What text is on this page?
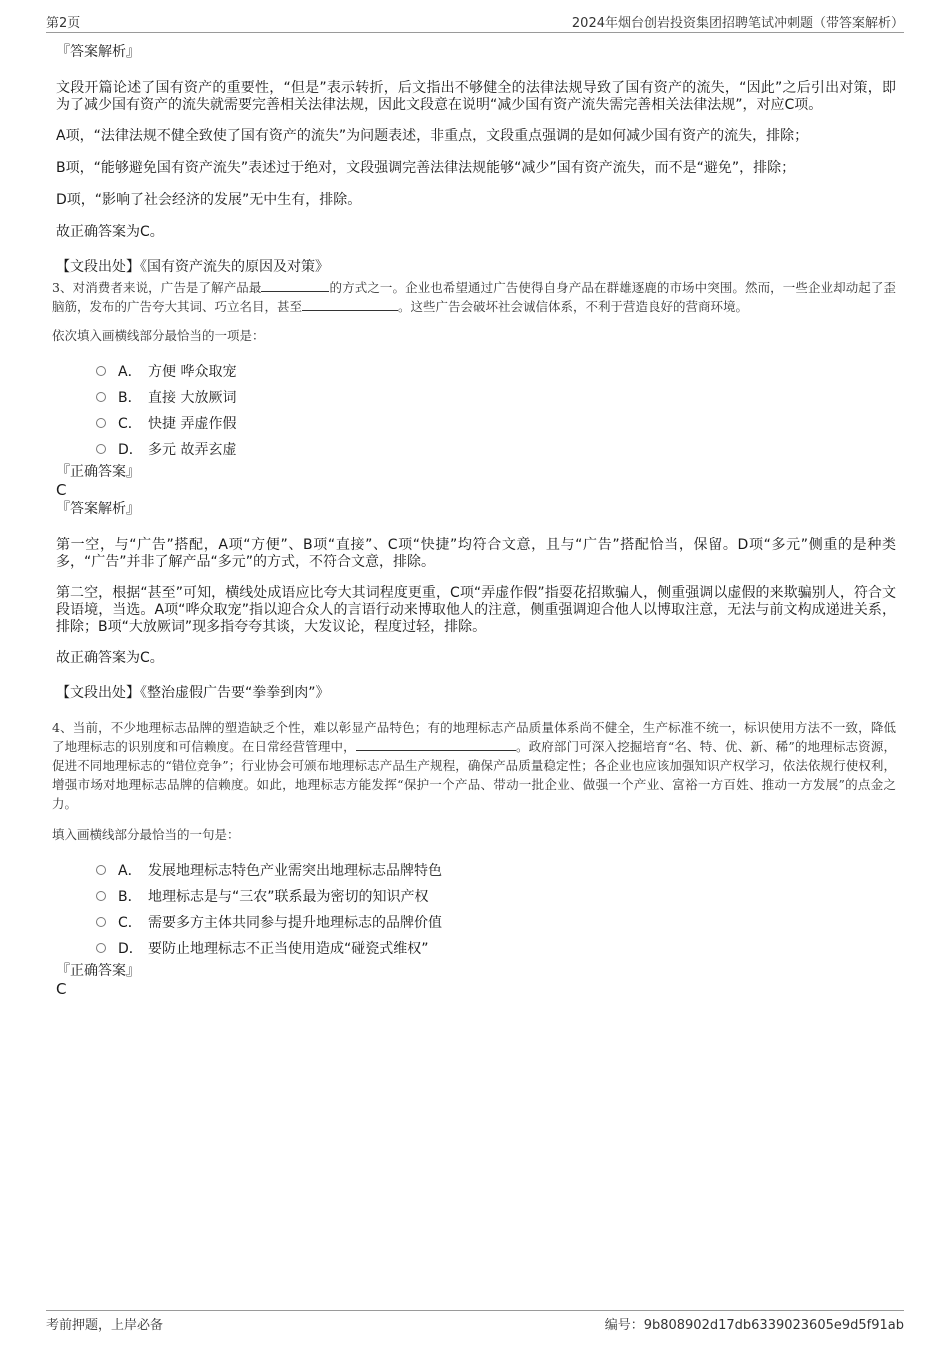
第2页	2024年烟台创岩投资集团招聘笔试冲刺题（带答案解析）

『答案解析』

文段开篇论述了国有资产的重要性，“但是”表示转折，后文指出不够健全的法律法规导致了国有资产的流失，“因此”之后引出对策，即为了减少国有资产的流失就需要完善相关法律法规，因此文段意在说明“减少国有资产流失需完善相关法律法规”，对应C项。

A项，“法律法规不健全致使了国有资产的流失”为问题表述，非重点，文段重点强调的是如何减少国有资产的流失，排除；

B项，“能够避免国有资产流失”表述过于绝对，文段强调完善法律法规能够“减少”国有资产流失，而不是“避免”，排除；

D项，“影响了社会经济的发展”无中生有，排除。

故正确答案为C。

【文段出处】《国有资产流失的原因及对策》

3、对消费者来说，广告是了解产品最	的方式之一。企业也希望通过广告使得自身产品在群雄逐鹿的市场中突围。然而，一些企业却动起了歪脑筋，发布的广告夸大其词、巧立名目，甚至	。这些广告会破坏社会诚信体系，不利于营造良好的营商环境。

依次填入画横线部分最恰当的一项是：

A． 方便 哗众取宠
B． 直接 大放厥词
C． 快捷 弄虚作假
D． 多元 故弄玄虚

『正确答案』

C

『答案解析』

第一空，与“广告”搭配，A项“方便”、B项“直接”、C项“快捷”均符合文意，且与“广告”搭配恰当，保留。D项“多元”侧重的是种类多，“广告”并非了解产品“多元”的方式，不符合文意，排除。

第二空，根据“甚至”可知，横线处成语应比夸大其词程度更重，C项“弄虚作假”指耍花招欺骗人，侧重强调以虚假的来欺骗别人，符合文段语境，当选。A项“哗众取宠”指以迎合众人的言语行动来博取他人的注意，侧重强调迎合他人以博取注意，无法与前文构成递进关系，排除；B项“大放厥词”现多指夸夸其谈，大发议论，程度过轻，排除。

故正确答案为C。

【文段出处】《整治虚假广告要“拳拳到肉”》

4、当前，不少地理标志品牌的塑造缺乏个性，难以彰显产品特色；有的地理标志产品质量体系尚不健全，生产标准不统一，标识使用方法不一致，降低了地理标志的识别度和可信赖度。在日常经营管理中，	。政府部门可深入挖掘培育“名、特、优、新、稀”的地理标志资源，促进不同地理标志的“错位竞争”；行业协会可颁布地理标志产品生产规程，确保产品质量稳定性；各企业也应该加强知识产权学习，依法依规行使权利，增强市场对地理标志品牌的信赖度。如此，地理标志方能发挥“保护一个产品、带动一批企业、做强一个产业、富裕一方百姓、推动一方发展”的点金之力。

填入画横线部分最恰当的一句是：

A． 发展地理标志特色产业需突出地理标志品牌特色
B． 地理标志是与“三农”联系最为密切的知识产权
C． 需要多方主体共同参与提升地理标志的品牌价值
D． 要防止地理标志不正当使用造成“碰瓷式维权”

『正确答案』

C

考前押题，上岸必备	编号：9b808902d17db6339023605e9d5f91ab
